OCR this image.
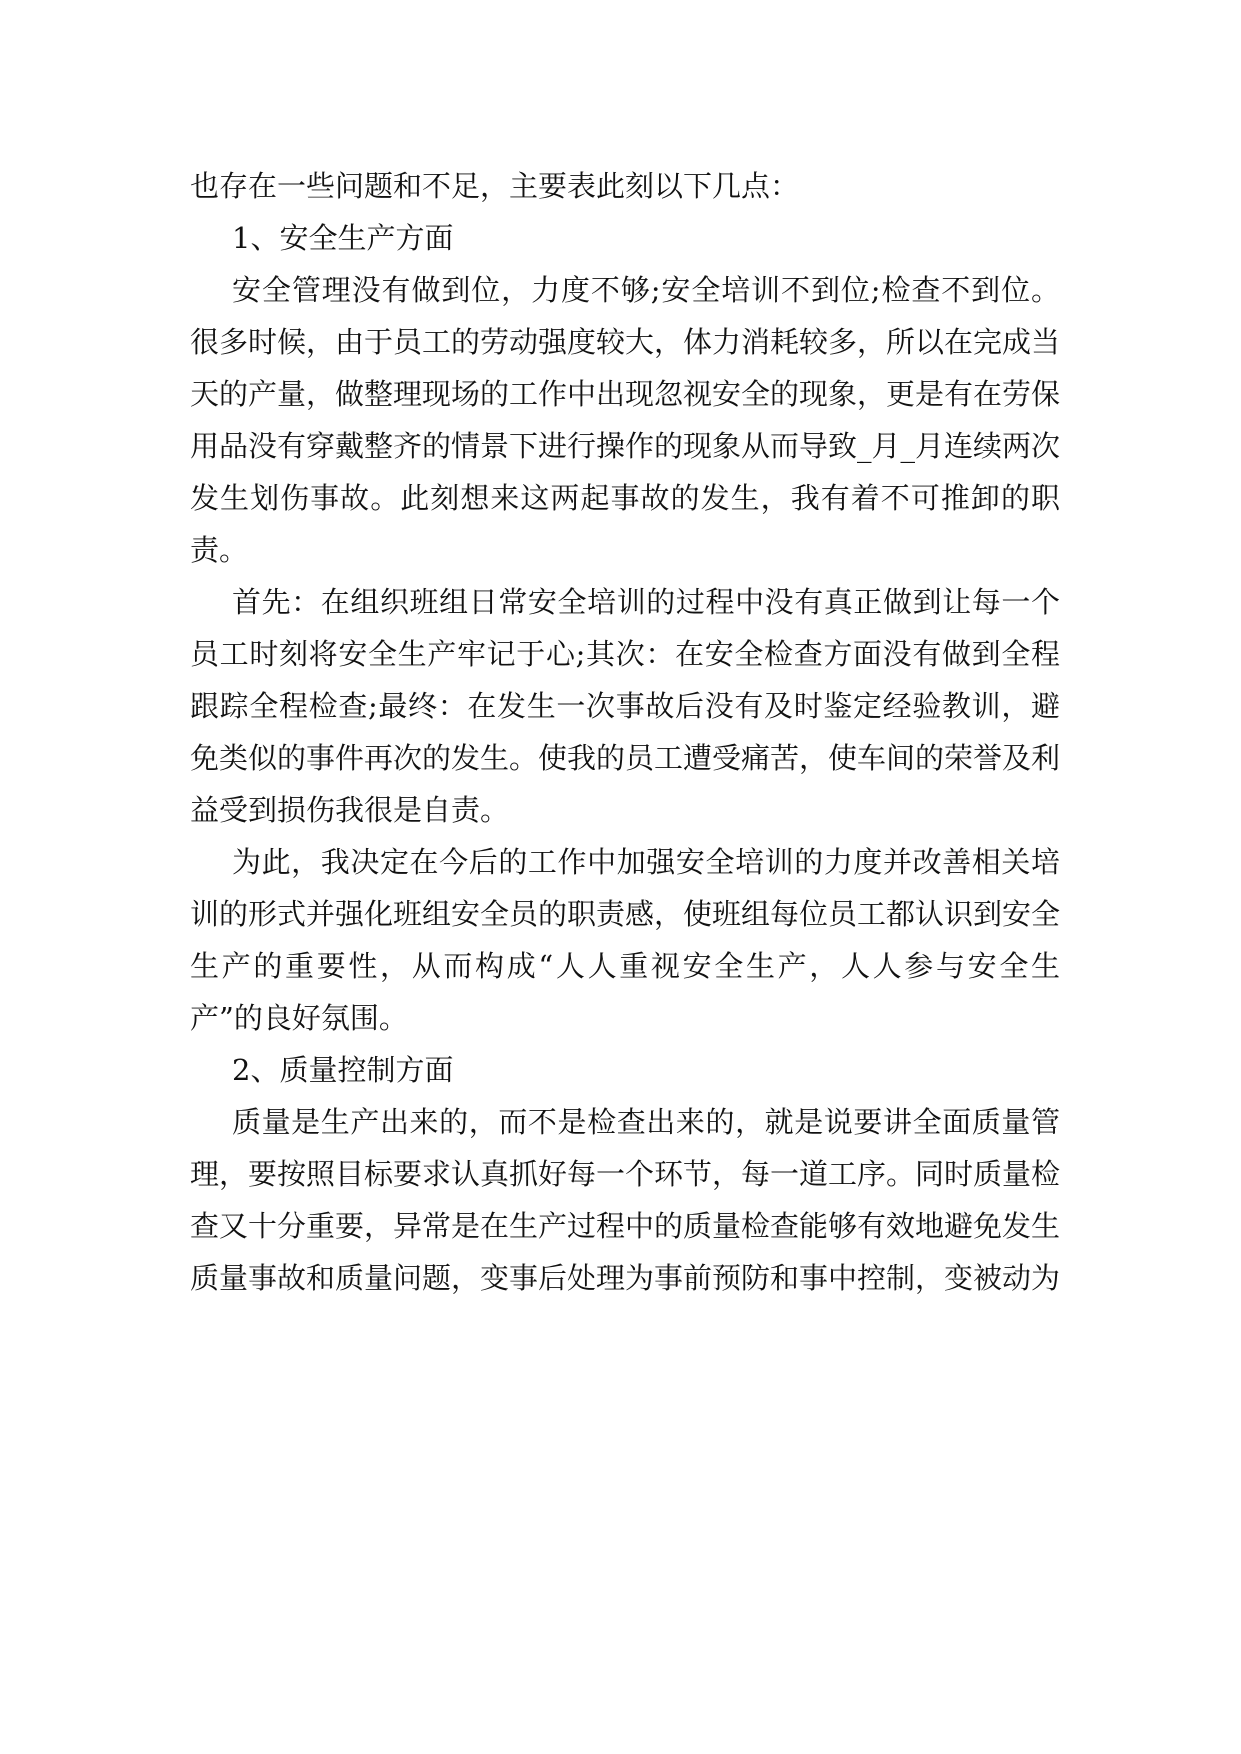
也存在一些问题和不足，主要表此刻以下几点：

1、安全生产方面

安全管理没有做到位，力度不够;安全培训不到位;检查不到位。很多时候，由于员工的劳动强度较大，体力消耗较多，所以在完成当天的产量，做整理现场的工作中出现忽视安全的现象，更是有在劳保用品没有穿戴整齐的情景下进行操作的现象从而导致_月_月连续两次发生划伤事故。此刻想来这两起事故的发生，我有着不可推卸的职责。

首先：在组织班组日常安全培训的过程中没有真正做到让每一个员工时刻将安全生产牢记于心;其次：在安全检查方面没有做到全程跟踪全程检查;最终：在发生一次事故后没有及时鉴定经验教训，避免类似的事件再次的发生。使我的员工遭受痛苦，使车间的荣誉及利益受到损伤我很是自责。

为此，我决定在今后的工作中加强安全培训的力度并改善相关培训的形式并强化班组安全员的职责感，使班组每位员工都认识到安全生产的重要性，从而构成“人人重视安全生产，人人参与安全生产”的良好氛围。

2、质量控制方面

质量是生产出来的，而不是检查出来的，就是说要讲全面质量管理，要按照目标要求认真抓好每一个环节，每一道工序。同时质量检查又十分重要，异常是在生产过程中的质量检查能够有效地避免发生质量事故和质量问题，变事后处理为事前预防和事中控制，变被动为
